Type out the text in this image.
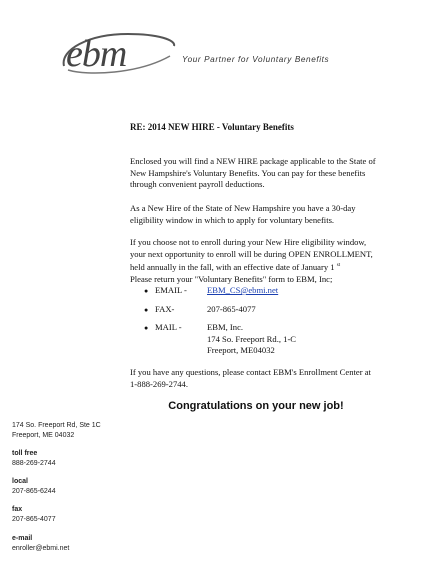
ebm	Your Partner for Voluntary Benefits
RE: 2014 NEW HIRE - Voluntary Benefits
Enclosed you will find a NEW HIRE package applicable to the State of
New Hampshire's Voluntary Benefits. You can pay for these benefits
through convenient payroll deductions.
As a New Hire of the State of New Hampshire you have a 30-day
eligibility window in which to apply for voluntary benefits.
If you choose not to enroll during your New Hire eligibility window,
your next opportunity to enroll will be during OPEN ENROLLMENT,
held annually in the fall, with an effective date of January 1 $^{st}$
Please return your "Voluntary Benefits" form to EBM, Inc;
● EMAIL - EBM_CS@ebmi.net
● FAX-	207-865-4077
● MAIL -	EBM, Inc.
174 So. Freeport Rd., 1-C
Freeport, ME04032
If you have any questions, please contact EBM's Enrollment Center at
1-888-269-2744.
Congratulations on your new job!
174 So. Freeport Rd, Ste 1C
Freeport, ME 04032
toll free
888-269-2744
local
207-865-6244
fax
207-865-4077
e-mail
enroller@ebmi.net
